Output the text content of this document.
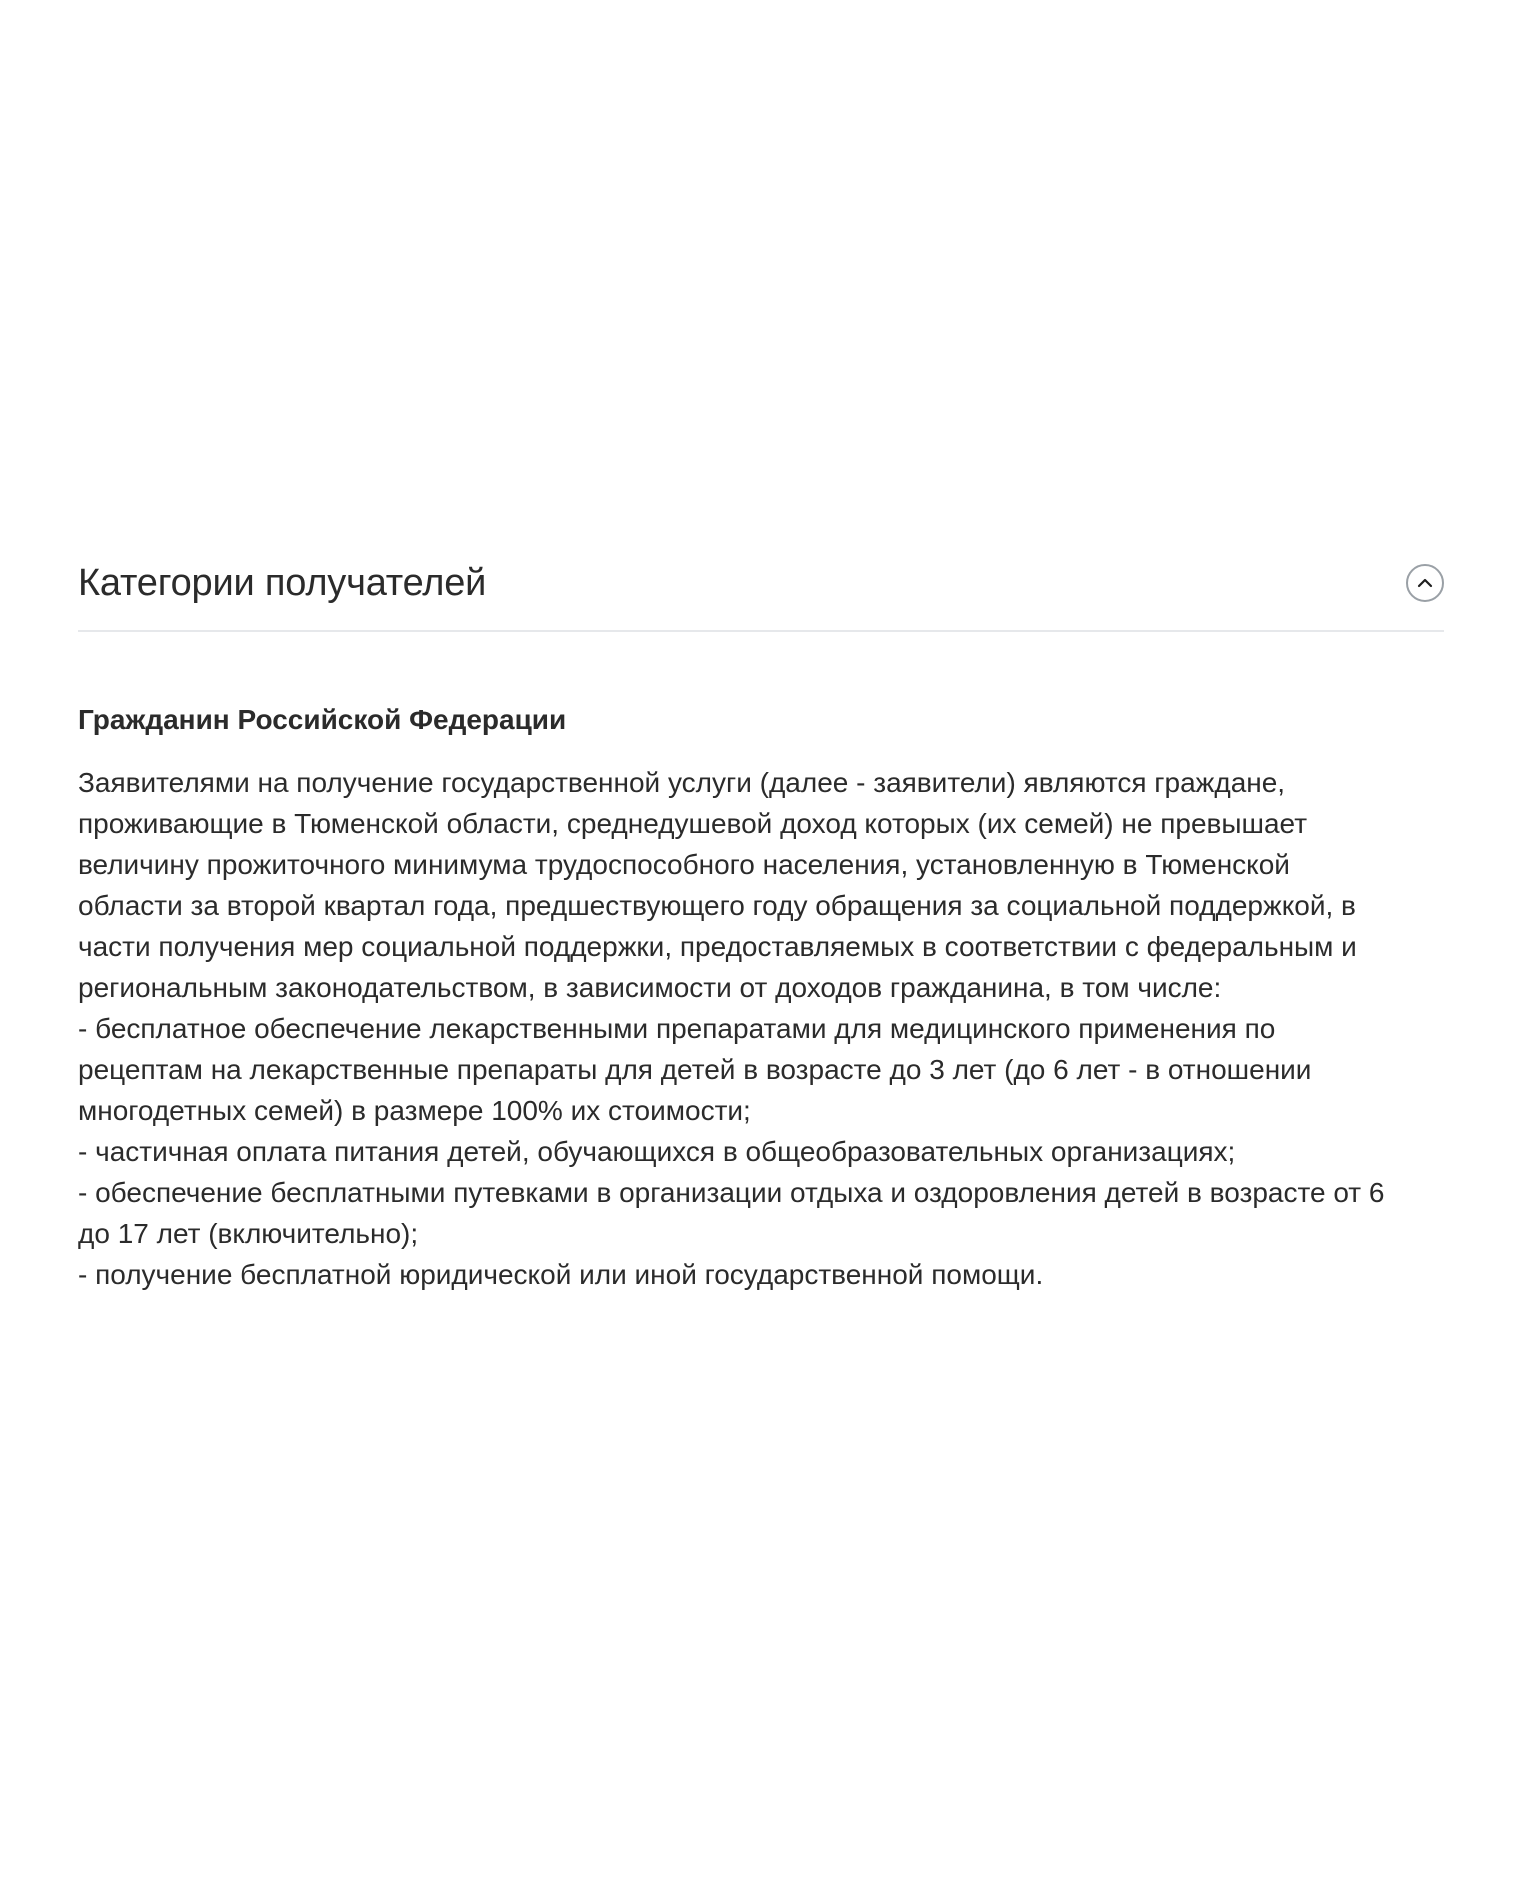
Категории получателей
Гражданин Российской Федерации

Заявителями на получение государственной услуги (далее - заявители) являются граждане,
проживающие в Тюменской области, среднедушевой доход которых (их семей) не превышает
величину прожиточного минимума трудоспособного населения, установленную в Тюменской
области за второй квартал года, предшествующего году обращения за социальной поддержкой, в
части получения мер социальной поддержки, предоставляемых в соответствии с федеральным и
региональным законодательством, в зависимости от доходов гражданина, в том числе:
- бесплатное обеспечение лекарственными препаратами для медицинского применения по
рецептам на лекарственные препараты для детей в возрасте до 3 лет (до 6 лет - в отношении
многодетных семей) в размере 100% их стоимости;
- частичная оплата питания детей, обучающихся в общеобразовательных организациях;
- обеспечение бесплатными путевками в организации отдыха и оздоровления детей в возрасте от 6
до 17 лет (включительно);
- получение бесплатной юридической или иной государственной помощи.
